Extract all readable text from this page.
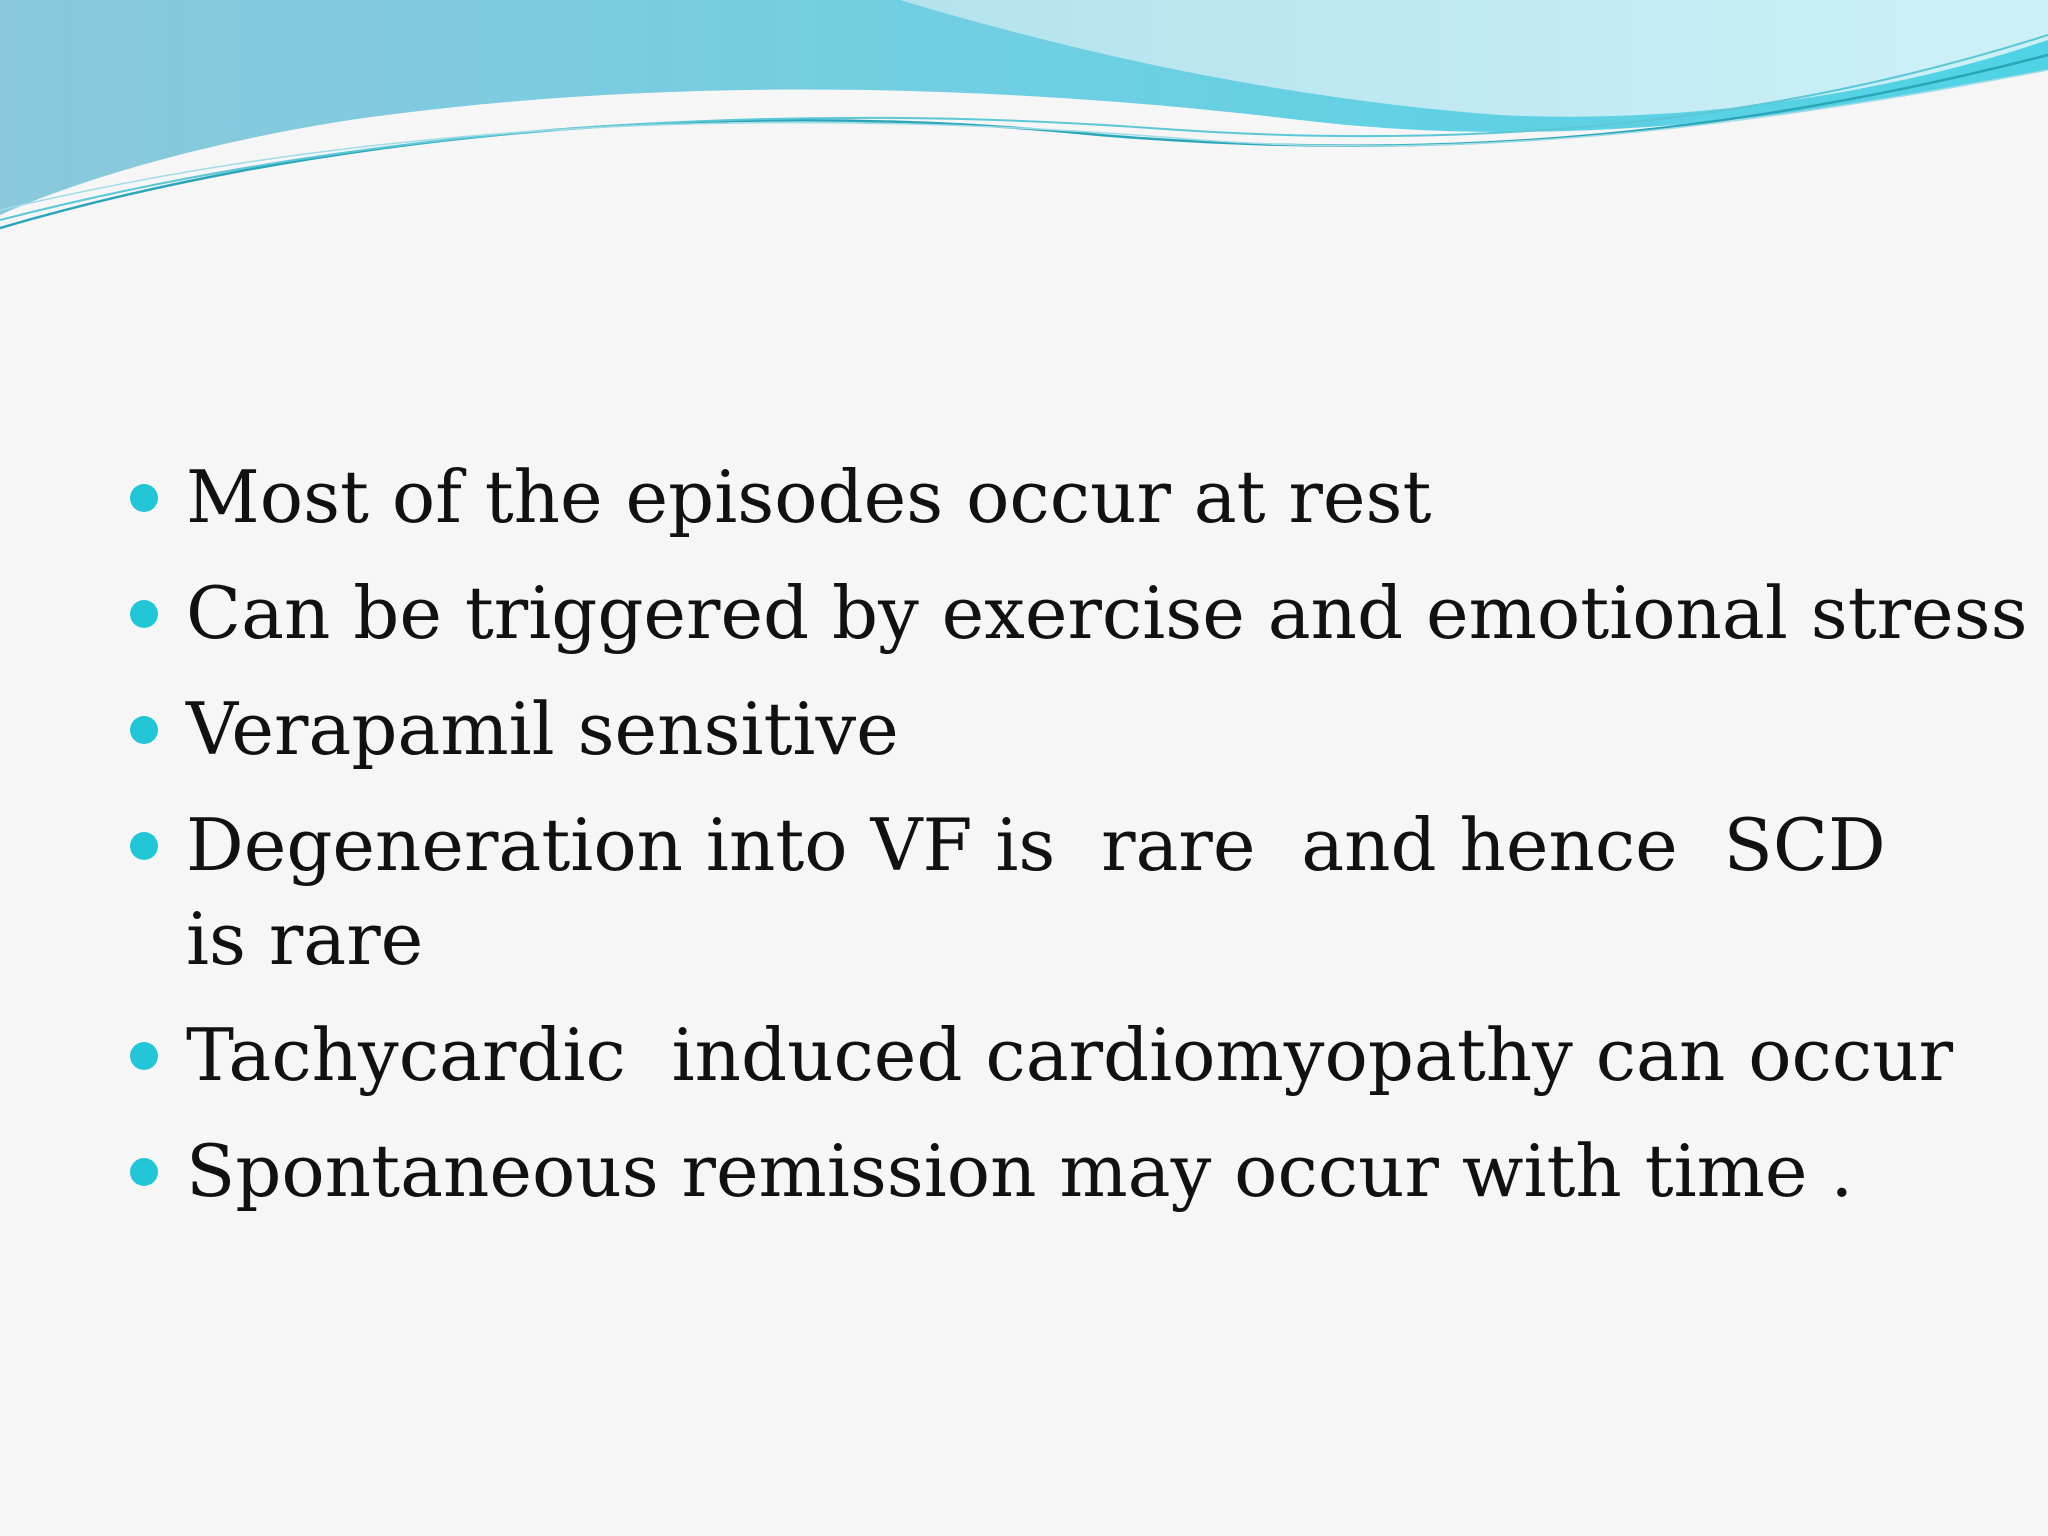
Most of the episodes occur at rest
Can be triggered by exercise and emotional stress
Verapamil sensitive
Degeneration into VF is  rare  and hence  SCD is rare
Tachycardic  induced cardiomyopathy can occur
Spontaneous remission may occur with time .
